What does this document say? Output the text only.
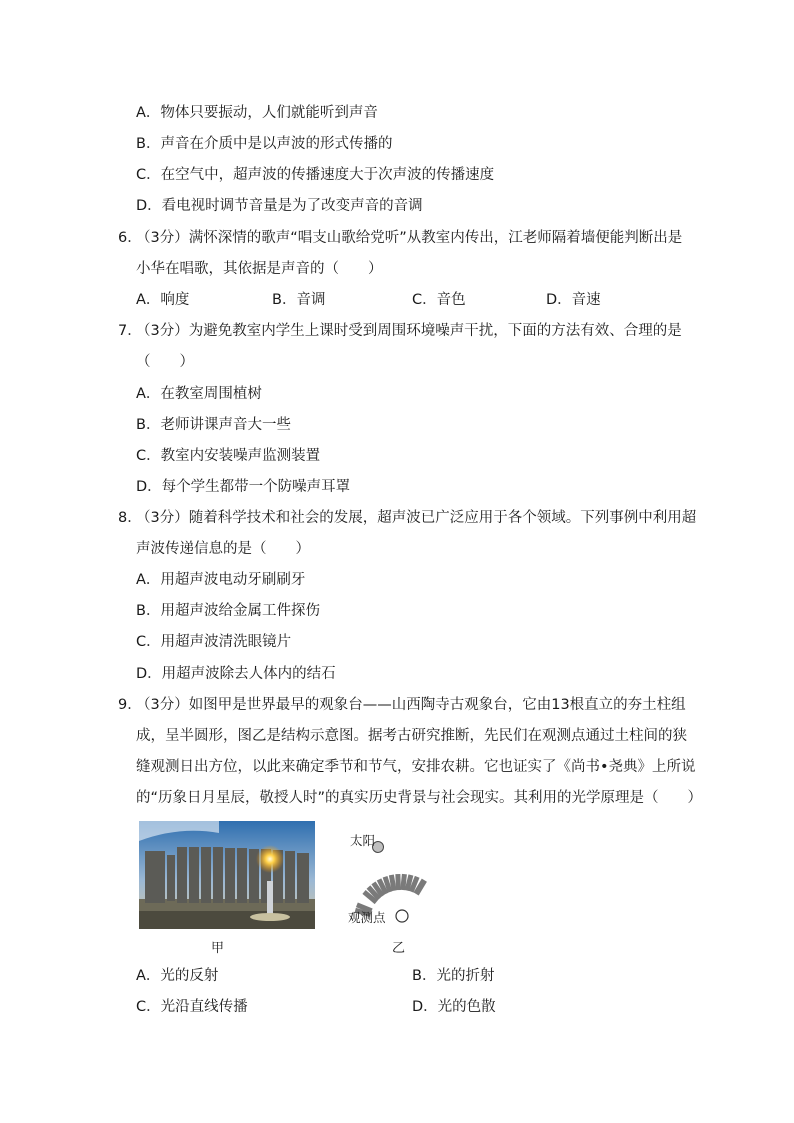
A．物体只要振动，人们就能听到声音
B．声音在介质中是以声波的形式传播的
C．在空气中，超声波的传播速度大于次声波的传播速度
D．看电视时调节音量是为了改变声音的音调
6．
（3分）满怀深情的歌声“唱支山歌给党听”从教室内传出，江老师隔着墙便能判断出是
小华在唱歌，其依据是声音的（　　）
A．响度	B．音调	C．音色	D．音速
7．
（3分）为避免教室内学生上课时受到周围环境噪声干扰，下面的方法有效、合理的是
（　　）
A．在教室周围植树
B．老师讲课声音大一些
C．教室内安装噪声监测装置
D．每个学生都带一个防噪声耳罩
8．
（3分）随着科学技术和社会的发展，超声波已广泛应用于各个领域。下列事例中利用超
声波传递信息的是（　　）
A．用超声波电动牙刷刷牙
B．用超声波给金属工件探伤
C．用超声波清洗眼镜片
D．用超声波除去人体内的结石
9．
（3分）如图甲是世界最早的观象台——山西陶寺古观象台，它由13根直立的夯土柱组
成，呈半圆形，图乙是结构示意图。据考古研究推断，先民们在观测点通过土柱间的狭
缝观测日出方位，以此来确定季节和节气，安排农耕。它也证实了《尚书•尧典》上所说
的“历象日月星辰，敬授人时”的真实历史背景与社会现实。其利用的光学原理是（　　）
甲
太阳
观测点
乙
A．光的反射	B．光的折射
C．光沿直线传播	D．光的色散
